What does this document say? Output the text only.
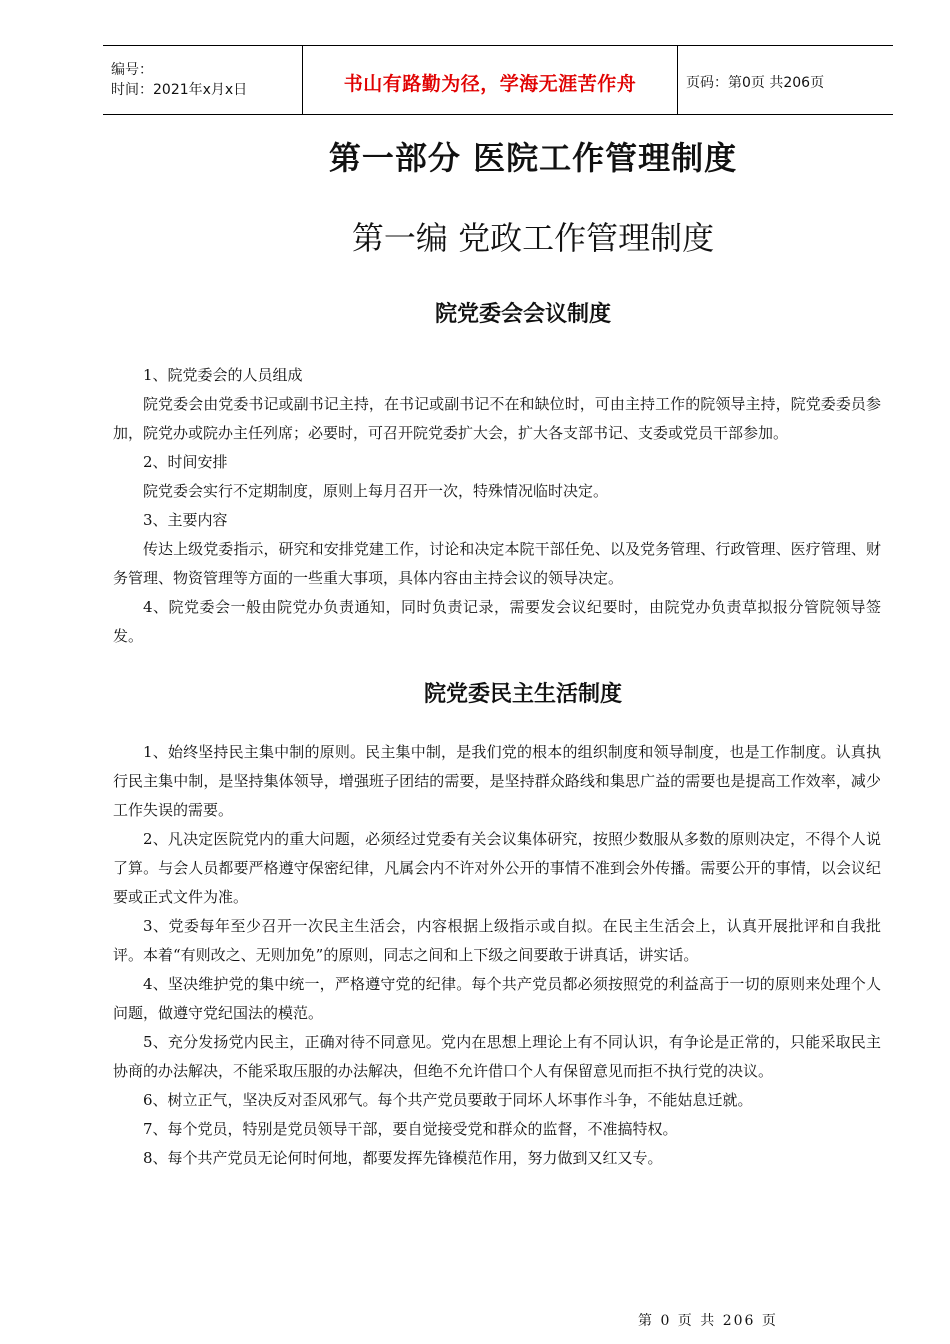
编号：
时间：2021年x月x日	书山有路勤为径，学海无涯苦作舟	页码：第0页 共206页
第一部分 医院工作管理制度
第一编 党政工作管理制度
院党委会会议制度

1、院党委会的人员组成

院党委会由党委书记或副书记主持，在书记或副书记不在和缺位时，可由主持工作的院领导主持，院党委委员参加，院党办或院办主任列席；必要时，可召开院党委扩大会，扩大各支部书记、支委或党员干部参加。

2、时间安排

院党委会实行不定期制度，原则上每月召开一次，特殊情况临时决定。

3、主要内容

传达上级党委指示，研究和安排党建工作，讨论和决定本院干部任免、以及党务管理、行政管理、医疗管理、财务管理、物资管理等方面的一些重大事项，具体内容由主持会议的领导决定。

4、院党委会一般由院党办负责通知，同时负责记录，需要发会议纪要时，由院党办负责草拟报分管院领导签发。

院党委民主生活制度

1、始终坚持民主集中制的原则。民主集中制，是我们党的根本的组织制度和领导制度，也是工作制度。认真执行民主集中制，是坚持集体领导，增强班子团结的需要，是坚持群众路线和集思广益的需要也是提高工作效率，减少工作失误的需要。

2、凡决定医院党内的重大问题，必须经过党委有关会议集体研究，按照少数服从多数的原则决定，不得个人说了算。与会人员都要严格遵守保密纪律，凡属会内不许对外公开的事情不准到会外传播。需要公开的事情，以会议纪要或正式文件为准。

3、党委每年至少召开一次民主生活会，内容根据上级指示或自拟。在民主生活会上，认真开展批评和自我批评。本着“有则改之、无则加免”的原则，同志之间和上下级之间要敢于讲真话，讲实话。

4、坚决维护党的集中统一，严格遵守党的纪律。每个共产党员都必须按照党的利益高于一切的原则来处理个人问题，做遵守党纪国法的模范。

5、充分发扬党内民主，正确对待不同意见。党内在思想上理论上有不同认识，有争论是正常的，只能采取民主协商的办法解决，不能采取压服的办法解决，但绝不允许借口个人有保留意见而拒不执行党的决议。

6、树立正气，坚决反对歪风邪气。每个共产党员要敢于同坏人坏事作斗争，不能姑息迁就。

7、每个党员，特别是党员领导干部，要自觉接受党和群众的监督，不准搞特权。

8、每个共产党员无论何时何地，都要发挥先锋模范作用，努力做到又红又专。

第 0 页 共 206 页
